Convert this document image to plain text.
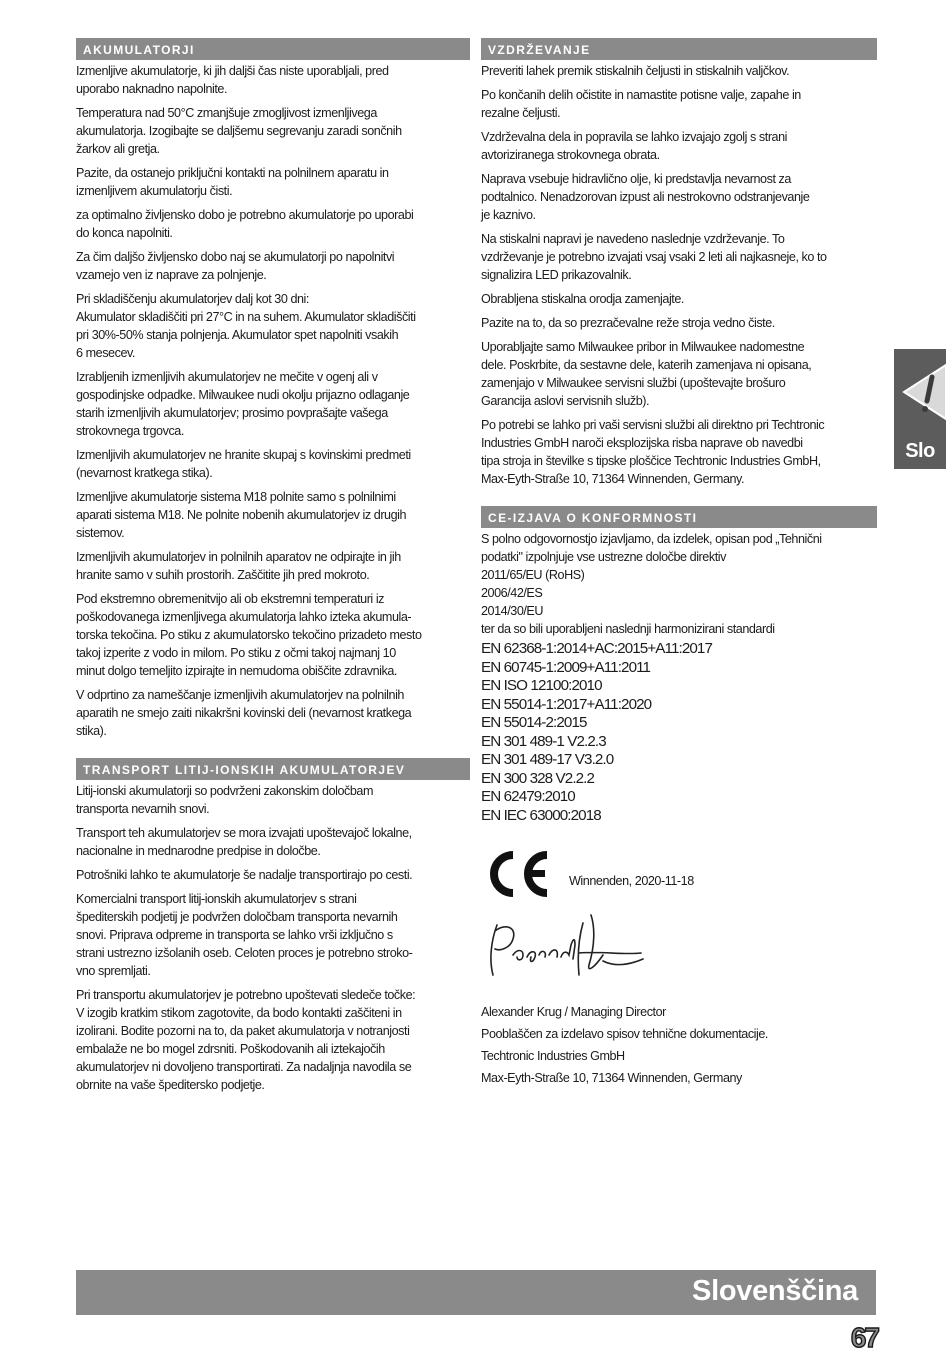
AKUMULATORJI

Izmenljive akumulatorje, ki jih daljši čas niste uporabljali, pred
uporabo naknadno napolnite.

Temperatura nad 50°C zmanjšuje zmogljivost izmenljivega
akumulatorja. Izogibajte se daljšemu segrevanju zaradi sončnih
žarkov ali gretja.

Pazite, da ostanejo priključni kontakti na polnilnem aparatu in
izmenljivem akumulatorju čisti.

za optimalno življensko dobo je potrebno akumulatorje po uporabi
do konca napolniti.

Za čim daljšo življensko dobo naj se akumulatorji po napolnitvi
vzamejo ven iz naprave za polnjenje.

Pri skladiščenju akumulatorjev dalj kot 30 dni:
Akumulator skladiščiti pri 27°C in na suhem. Akumulator skladiščiti
pri 30%-50% stanja polnjenja. Akumulator spet napolniti vsakih
6 mesecev.

Izrabljenih izmenljivih akumulatorjev ne mečite v ogenj ali v
gospodinjske odpadke. Milwaukee nudi okolju prijazno odlaganje
starih izmenljivih akumulatorjev; prosimo povprašajte vašega
strokovnega trgovca.

Izmenljivih akumulatorjev ne hranite skupaj s kovinskimi predmeti
(nevarnost kratkega stika).

Izmenljive akumulatorje sistema M18 polnite samo s polnilnimi
aparati sistema M18. Ne polnite nobenih akumulatorjev iz drugih
sistemov.

Izmenljivih akumulatorjev in polnilnih aparatov ne odpirajte in jih
hranite samo v suhih prostorih. Zaščitite jih pred mokroto.

Pod ekstremno obremenitvijo ali ob ekstremni temperaturi iz
poškodovanega izmenljivega akumulatorja lahko izteka akumula-
torska tekočina. Po stiku z akumulatorsko tekočino prizadeto mesto
takoj izperite z vodo in milom. Po stiku z očmi takoj najmanj 10
minut dolgo temeljito izpirajte in nemudoma obiščite zdravnika.

V odprtino za nameščanje izmenljivih akumulatorjev na polnilnih
aparatih ne smejo zaiti nikakršni kovinski deli (nevarnost kratkega
stika).

TRANSPORT LITIJ-IONSKIH AKUMULATORJEV

Litij-ionski akumulatorji so podvrženi zakonskim določbam
transporta nevarnih snovi.

Transport teh akumulatorjev se mora izvajati upoštevajoč lokalne,
nacionalne in mednarodne predpise in določbe.

Potrošniki lahko te akumulatorje še nadalje transportirajo po cesti.

Komercialni transport litij-ionskih akumulatorjev s strani
špediterskih podjetij je podvržen določbam transporta nevarnih
snovi. Priprava odpreme in transporta se lahko vrši izključno s
strani ustrezno izšolanih oseb. Celoten proces je potrebno stroko-
vno spremljati.

Pri transportu akumulatorjev je potrebno upoštevati sledeče točke:
V izogib kratkim stikom zagotovite, da bodo kontakti zaščiteni in
izolirani. Bodite pozorni na to, da paket akumulatorja v notranjosti
embalaže ne bo mogel zdrsniti. Poškodovanih ali iztekajočih
akumulatorjev ni dovoljeno transportirati. Za nadaljnja navodila se
obrnite na vaše špeditersko podjetje.

VZDRŽEVANJE

Preveriti lahek premik stiskalnih čeljusti in stiskalnih valjčkov.

Po končanih delih očistite in namastite potisne valje, zapahe in
rezalne čeljusti.

Vzdrževalna dela in popravila se lahko izvajajo zgolj s strani
avtoriziranega strokovnega obrata.

Naprava vsebuje hidravlično olje, ki predstavlja nevarnost za
podtalnico. Nenadzorovan izpust ali nestrokovno odstranjevanje
je kaznivo.

Na stiskalni napravi je navedeno naslednje vzdrževanje. To
vzdrževanje je potrebno izvajati vsaj vsaki 2 leti ali najkasneje, ko to
signalizira LED prikazovalnik.

Obrabljena stiskalna orodja zamenjajte.

Pazite na to, da so prezračevalne reže stroja vedno čiste.

Uporabljajte samo Milwaukee pribor in Milwaukee nadomestne
dele. Poskrbite, da sestavne dele, katerih zamenjava ni opisana,
zamenjajo v Milwaukee servisni službi (upoštevajte brošuro
Garancija aslovi servisnih služb).

Po potrebi se lahko pri vaši servisni službi ali direktno pri Techtronic
Industries GmbH naroči eksplozijska risba naprave ob navedbi
tipa stroja in številke s tipske ploščice Techtronic Industries GmbH,
Max-Eyth-Straße 10, 71364 Winnenden, Germany.

CE-IZJAVA O KONFORMNOSTI

S polno odgovornostjo izjavljamo, da izdelek, opisan pod „Tehnični
podatki" izpolnjuje vse ustrezne določbe direktiv

2011/65/EU (RoHS)
2006/42/ES
2014/30/EU
ter da so bili uporabljeni naslednji harmonizirani standardi
EN 62368-1:2014+AC:2015+A11:2017
EN 60745-1:2009+A11:2011
EN ISO 12100:2010
EN 55014-1:2017+A11:2020
EN 55014-2:2015
EN 301 489-1 V2.2.3
EN 301 489-17 V3.2.0
EN 300 328 V2.2.2
EN 62479:2010
EN IEC 63000:2018
Winnenden, 2020-11-18

Alexander Krug / Managing Director

Pooblaščen za izdelavo spisov tehnične dokumentacije.

Techtronic Industries GmbH

Max-Eyth-Straße 10, 71364 Winnenden, Germany

Slo
Slovenščina
67
